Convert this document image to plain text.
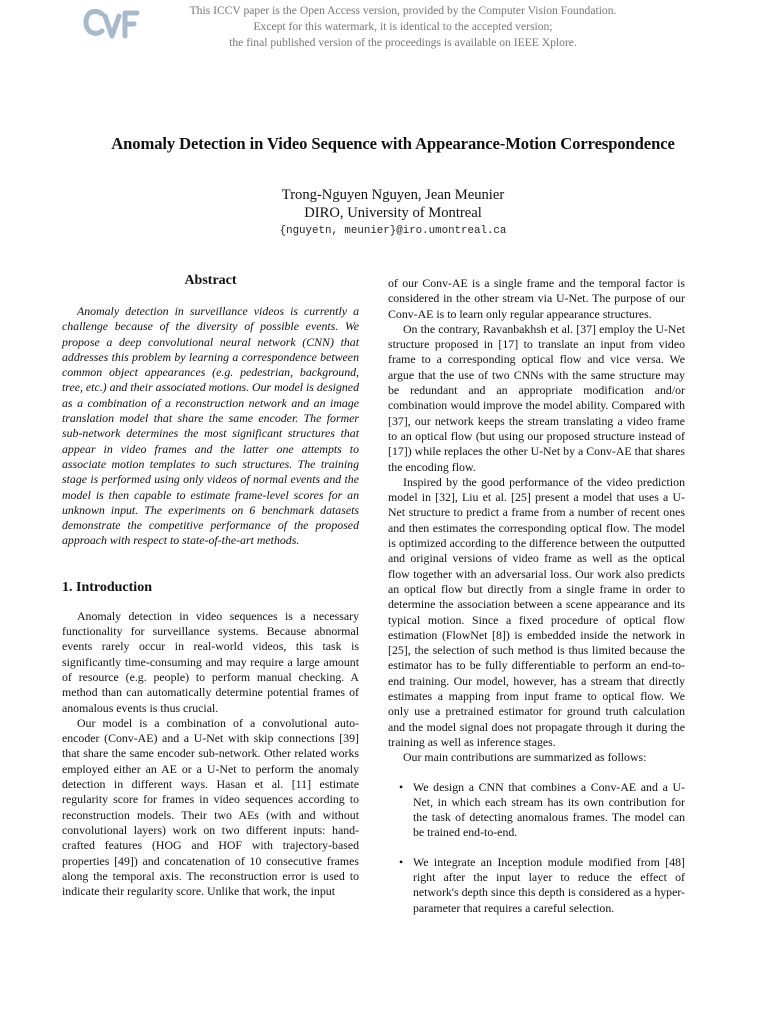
This ICCV paper is the Open Access version, provided by the Computer Vision Foundation.
Except for this watermark, it is identical to the accepted version;
the final published version of the proceedings is available on IEEE Xplore.
Anomaly Detection in Video Sequence with Appearance-Motion Correspondence
Trong-Nguyen Nguyen, Jean Meunier
DIRO, University of Montreal
{nguyetn, meunier}@iro.umontreal.ca
Abstract
Anomaly detection in surveillance videos is currently a challenge because of the diversity of possible events. We propose a deep convolutional neural network (CNN) that addresses this problem by learning a correspondence between common object appearances (e.g. pedestrian, background, tree, etc.) and their associated motions. Our model is designed as a combination of a reconstruction network and an image translation model that share the same encoder. The former sub-network determines the most significant structures that appear in video frames and the latter one attempts to associate motion templates to such structures. The training stage is performed using only videos of normal events and the model is then capable to estimate frame-level scores for an unknown input. The experiments on 6 benchmark datasets demonstrate the competitive performance of the proposed approach with respect to state-of-the-art methods.
1. Introduction
Anomaly detection in video sequences is a necessary functionality for surveillance systems. Because abnormal events rarely occur in real-world videos, this task is significantly time-consuming and may require a large amount of resource (e.g. people) to perform manual checking. A method than can automatically determine potential frames of anomalous events is thus crucial.
Our model is a combination of a convolutional auto-encoder (Conv-AE) and a U-Net with skip connections [39] that share the same encoder sub-network. Other related works employed either an AE or a U-Net to perform the anomaly detection in different ways. Hasan et al. [11] estimate regularity score for frames in video sequences according to reconstruction models. Their two AEs (with and without convolutional layers) work on two different inputs: hand-crafted features (HOG and HOF with trajectory-based properties [49]) and concatenation of 10 consecutive frames along the temporal axis. The reconstruction error is used to indicate their regularity score. Unlike that work, the input
of our Conv-AE is a single frame and the temporal factor is considered in the other stream via U-Net. The purpose of our Conv-AE is to learn only regular appearance structures.
On the contrary, Ravanbakhsh et al. [37] employ the U-Net structure proposed in [17] to translate an input from video frame to a corresponding optical flow and vice versa. We argue that the use of two CNNs with the same structure may be redundant and an appropriate modification and/or combination would improve the model ability. Compared with [37], our network keeps the stream translating a video frame to an optical flow (but using our proposed structure instead of [17]) while replaces the other U-Net by a Conv-AE that shares the encoding flow.
Inspired by the good performance of the video prediction model in [32], Liu et al. [25] present a model that uses a U-Net structure to predict a frame from a number of recent ones and then estimates the corresponding optical flow. The model is optimized according to the difference between the outputted and original versions of video frame as well as the optical flow together with an adversarial loss. Our work also predicts an optical flow but directly from a single frame in order to determine the association between a scene appearance and its typical motion. Since a fixed procedure of optical flow estimation (FlowNet [8]) is embedded inside the network in [25], the selection of such method is thus limited because the estimator has to be fully differentiable to perform an end-to-end training. Our model, however, has a stream that directly estimates a mapping from input frame to optical flow. We only use a pretrained estimator for ground truth calculation and the model signal does not propagate through it during the training as well as inference stages.
Our main contributions are summarized as follows:
• We design a CNN that combines a Conv-AE and a U-Net, in which each stream has its own contribution for the task of detecting anomalous frames. The model can be trained end-to-end.
• We integrate an Inception module modified from [48] right after the input layer to reduce the effect of network's depth since this depth is considered as a hyper-parameter that requires a careful selection.
